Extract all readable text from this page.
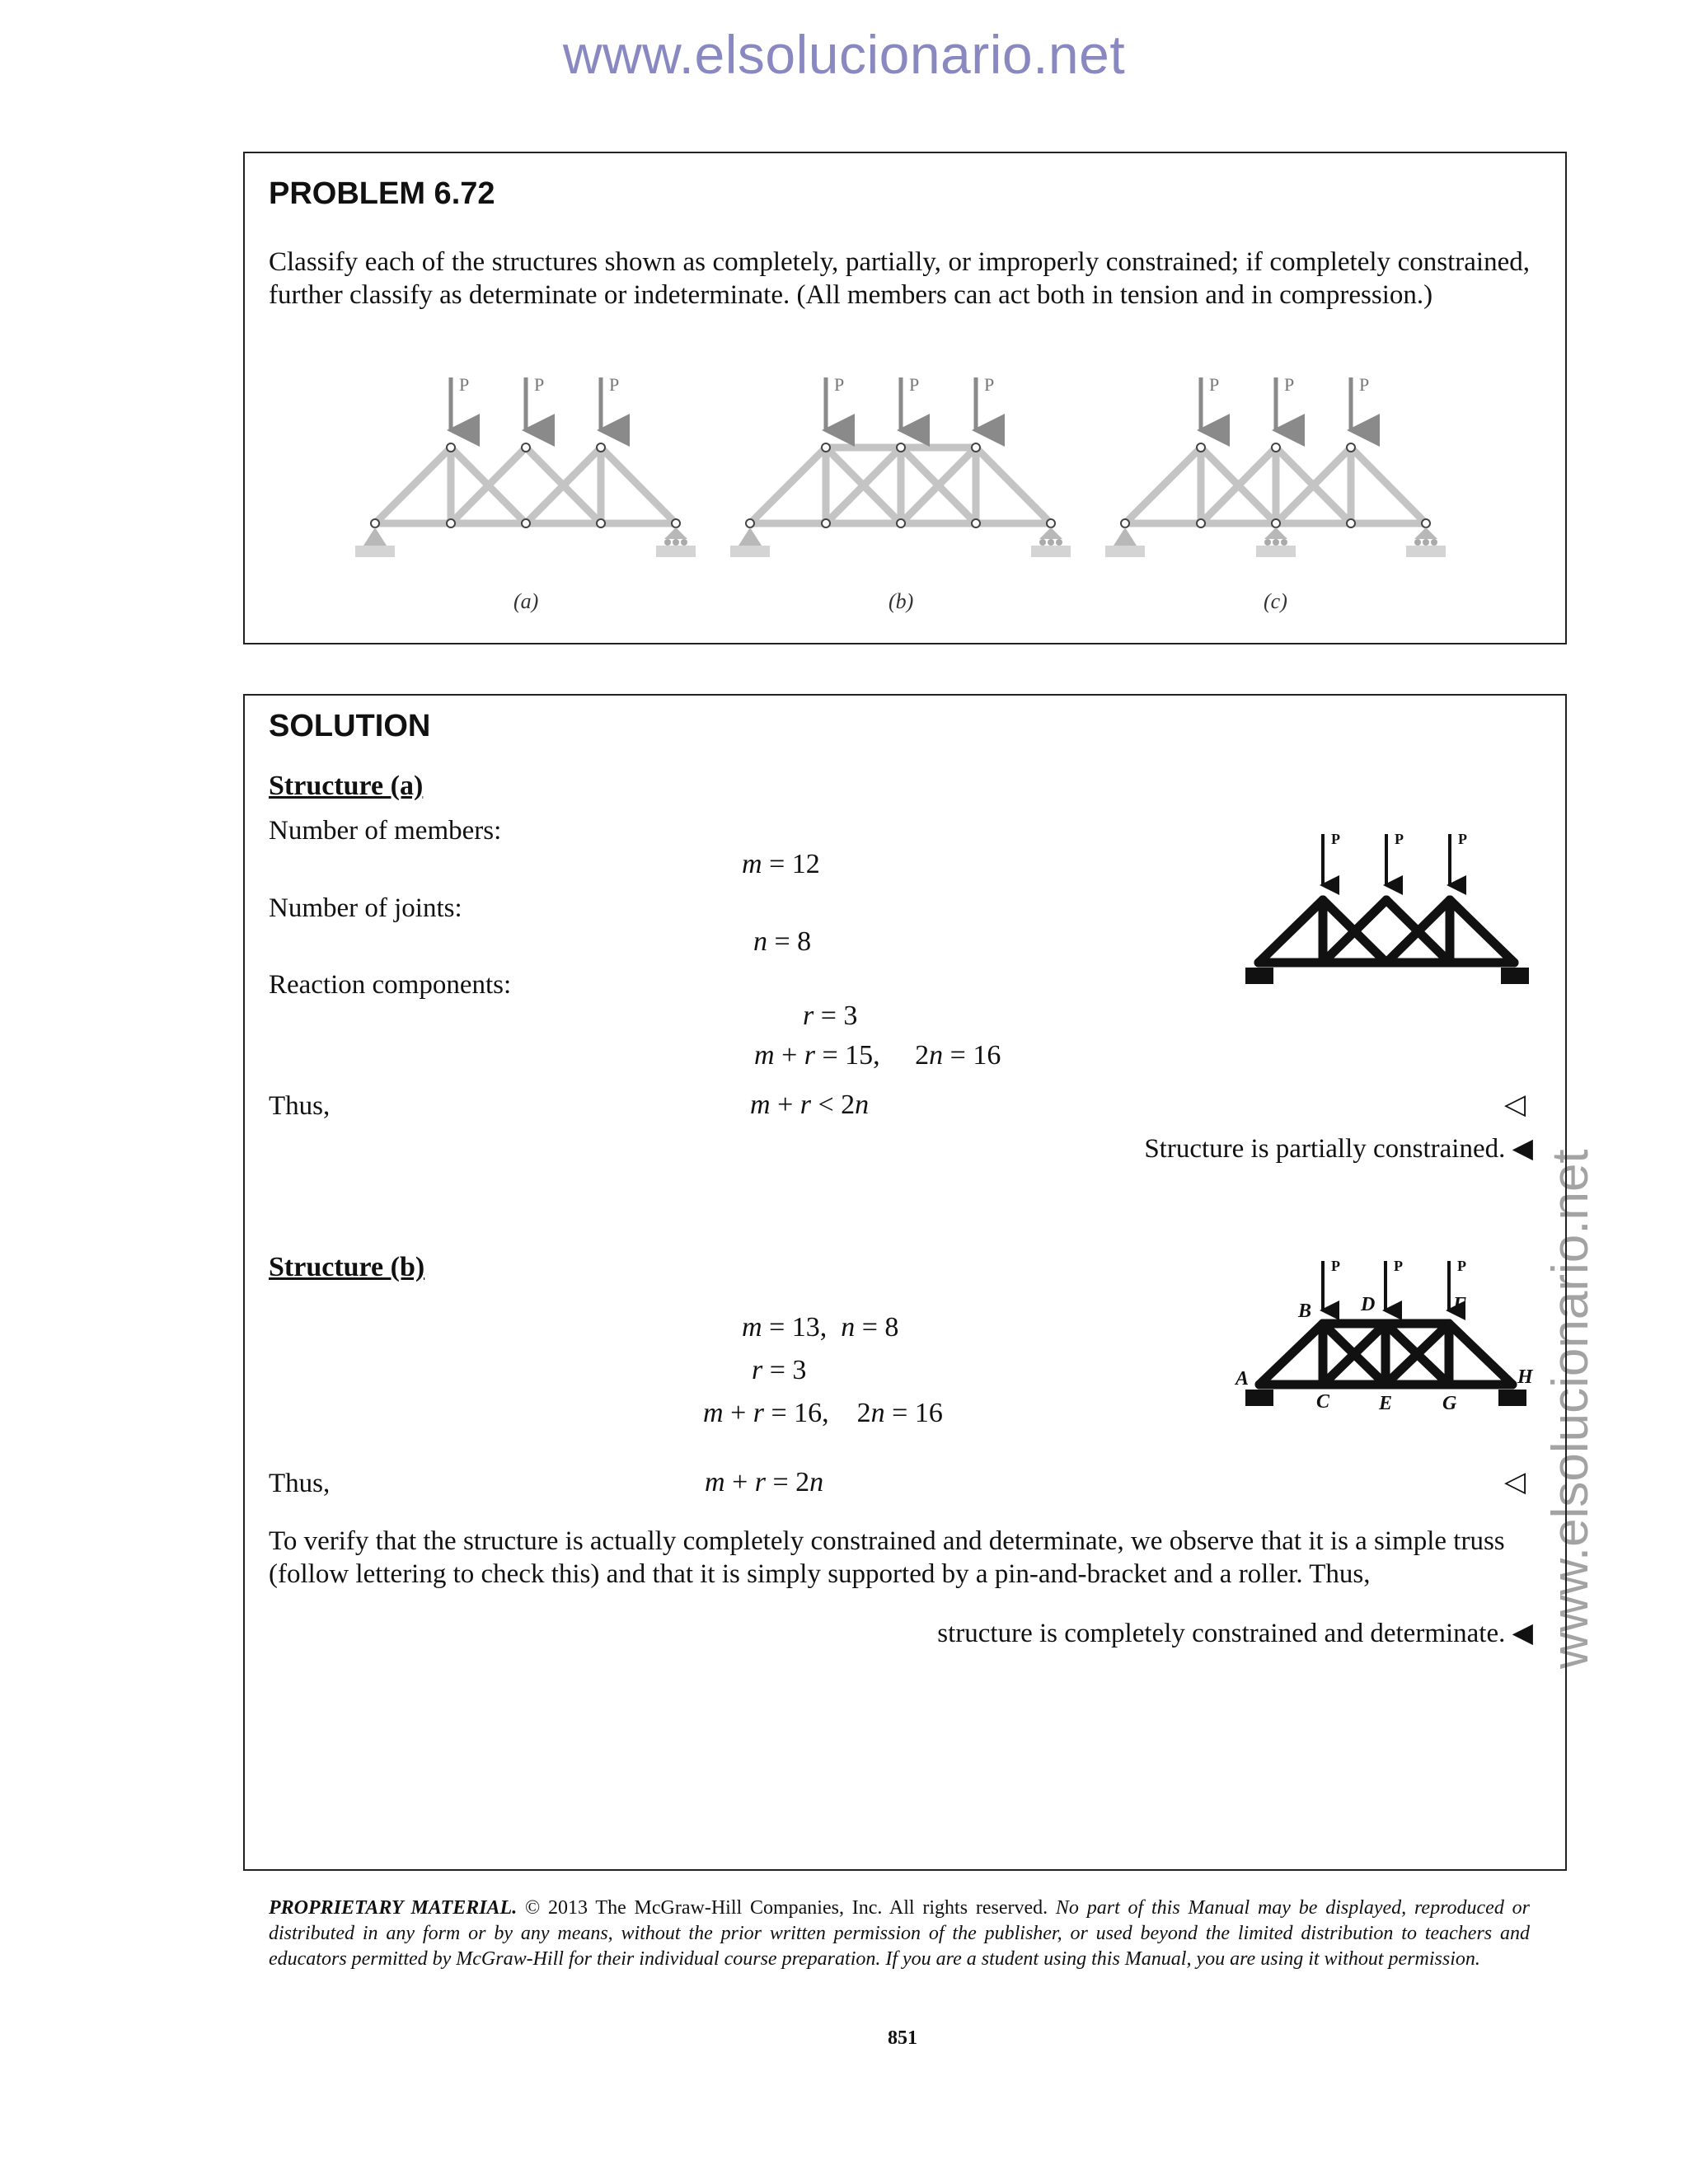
www.elsolucionario.net
www.elsolucionario.net
PROBLEM 6.72
Classify each of the structures shown as completely, partially, or improperly constrained; if completely constrained, further classify as determinate or indeterminate. (All members can act both in tension and in compression.)
P	P	P
(a)
P	P	P
(b)
P	P	P
(c)
SOLUTION
Structure (a)
Number of members:
m = 12
Number of joints:
n = 8
Reaction components:
r = 3
m + r = 15,     2n = 16
Thus,	m + r < 2n	◁
Structure is partially constrained. ◀
P	P	P
Structure (b)
m = 13,  n = 8
r = 3
m + r = 16,    2n = 16
Thus,	m + r = 2n	◁
To verify that the structure is actually completely constrained and determinate, we observe that it is a simple truss (follow lettering to check this) and that it is simply supported by a pin-and-bracket and a roller. Thus,
structure is completely constrained and determinate. ◀
P	P	P
A
B
C
D
E
F
G
H
PROPRIETARY MATERIAL. © 2013 The McGraw-Hill Companies, Inc. All rights reserved. No part of this Manual may be displayed, reproduced or distributed in any form or by any means, without the prior written permission of the publisher, or used beyond the limited distribution to teachers and educators permitted by McGraw-Hill for their individual course preparation. If you are a student using this Manual, you are using it without permission.
851
